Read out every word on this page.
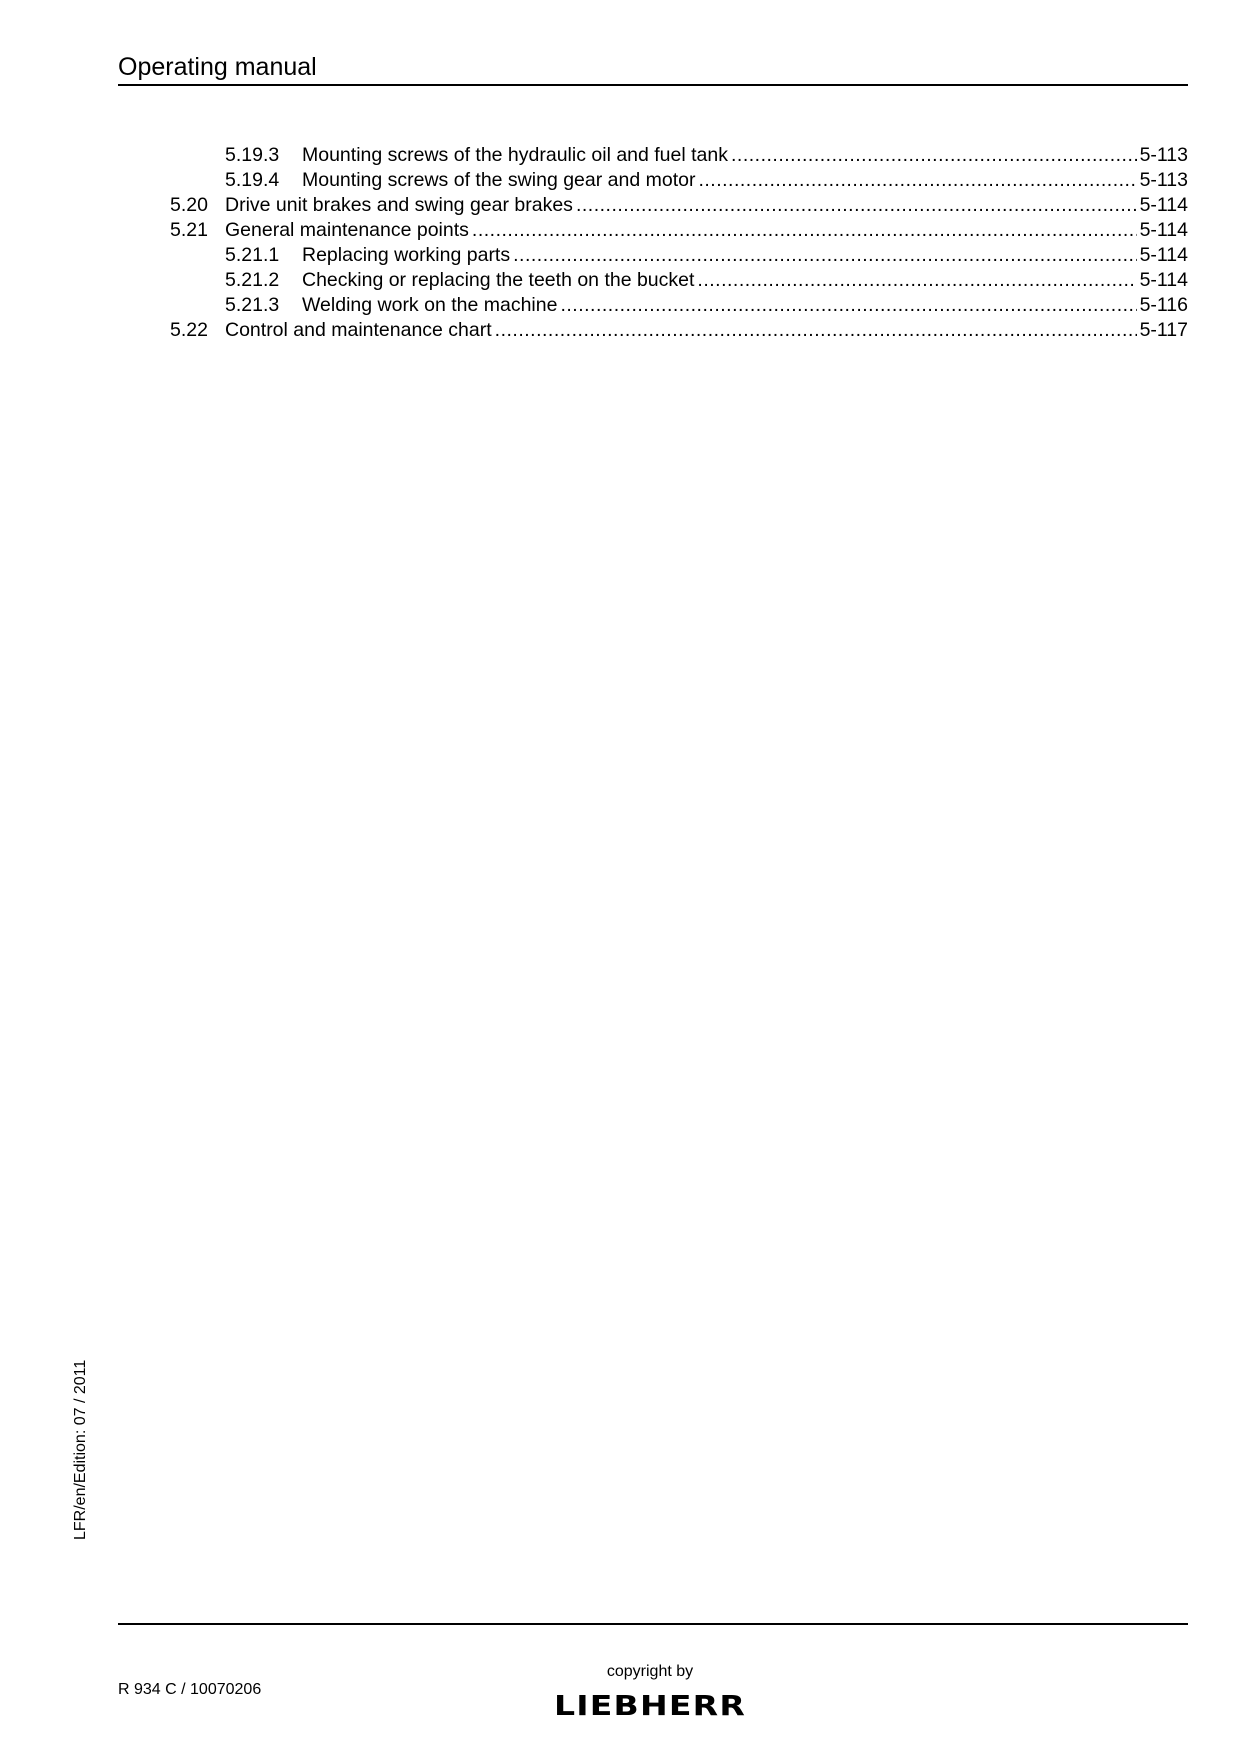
Operating manual
5.19.3	Mounting screws of the hydraulic oil and fuel tank .....	5-113
5.19.4	Mounting screws of the swing gear and motor .....	5-113
5.20 Drive unit brakes and swing gear brakes .....	5-114
5.21 General maintenance points .....	5-114
5.21.1	Replacing working parts .....	5-114
5.21.2	Checking or replacing the teeth on the bucket .....	5-114
5.21.3	Welding work on the machine .....	5-116
5.22 Control and maintenance chart .....	5-117
LFR/en/Edition: 07 / 2011
R 934 C / 10070206
copyright by
LIEBHERR
